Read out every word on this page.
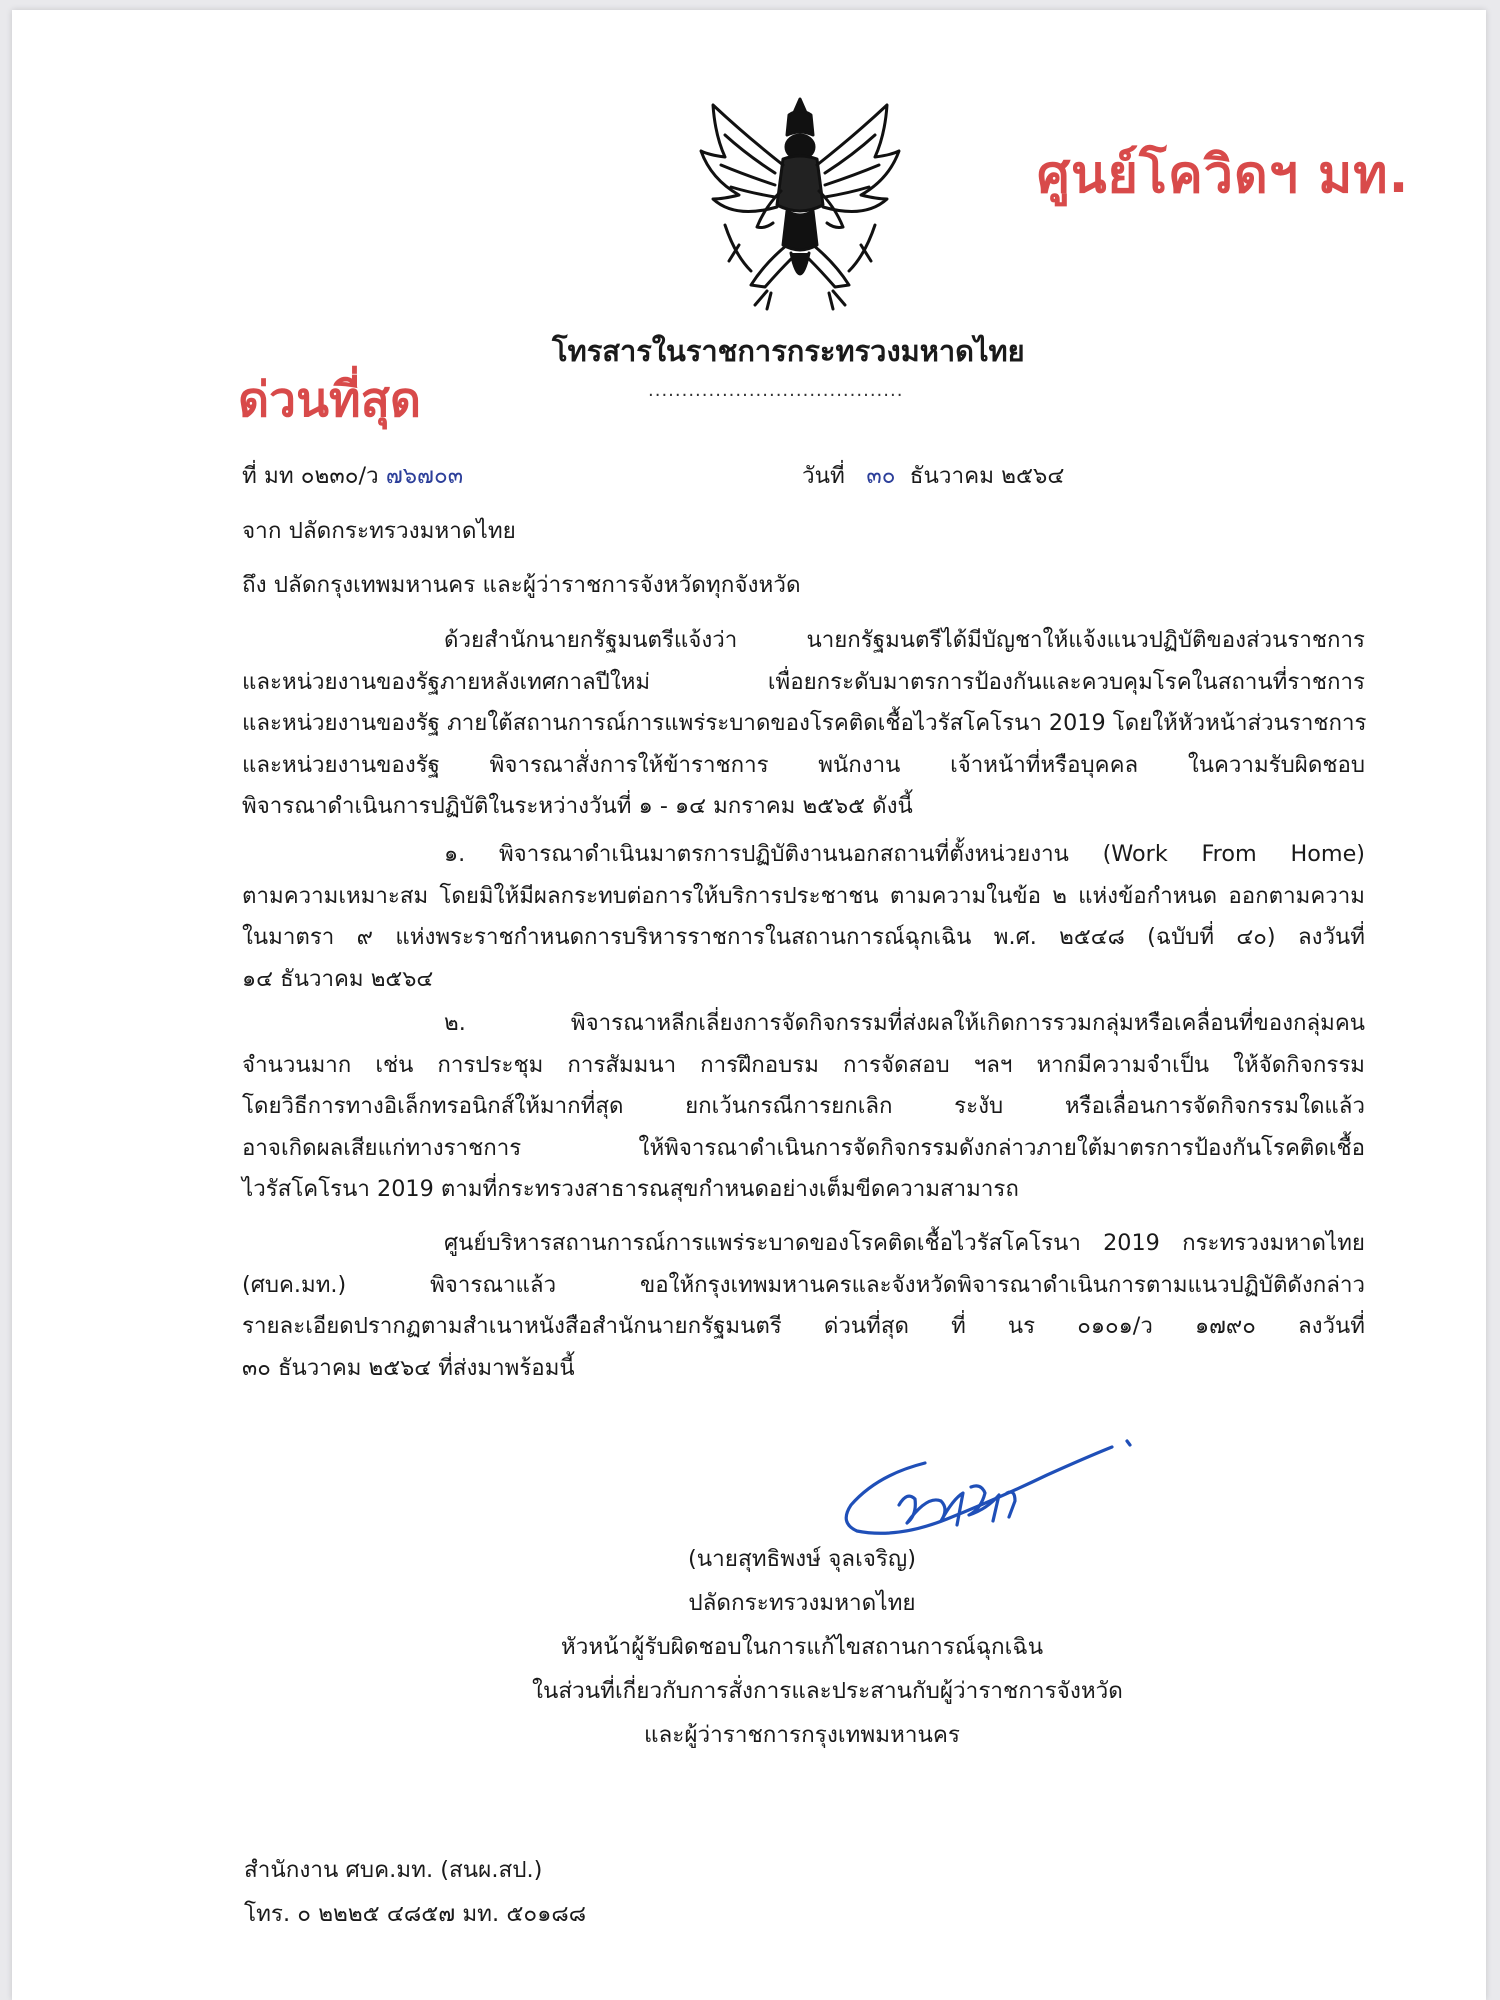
ศูนย์โควิดฯ มท.
โทรสารในราชการกระทรวงมหาดไทย
......................................
ด่วนที่สุด
ที่ มท ๐๒๓๐/ว ๗๖๗๐๓	วันที่ ๓๐ ธันวาคม ๒๕๖๔
จาก ปลัดกระทรวงมหาดไทย
ถึง ปลัดกรุงเทพมหานคร และผู้ว่าราชการจังหวัดทุกจังหวัด
ด้วยสำนักนายกรัฐมนตรีแจ้งว่า นายกรัฐมนตรีได้มีบัญชาให้แจ้งแนวปฏิบัติของส่วนราชการ
และหน่วยงานของรัฐภายหลังเทศกาลปีใหม่ เพื่อยกระดับมาตรการป้องกันและควบคุมโรคในสถานที่ราชการ
และหน่วยงานของรัฐ ภายใต้สถานการณ์การแพร่ระบาดของโรคติดเชื้อไวรัสโคโรนา 2019 โดยให้หัวหน้าส่วนราชการ
และหน่วยงานของรัฐ พิจารณาสั่งการให้ข้าราชการ พนักงาน เจ้าหน้าที่หรือบุคคล ในความรับผิดชอบ
พิจารณาดำเนินการปฏิบัติในระหว่างวันที่ ๑ - ๑๔ มกราคม ๒๕๖๕ ดังนี้
๑. พิจารณาดำเนินมาตรการปฏิบัติงานนอกสถานที่ตั้งหน่วยงาน (Work From Home)
ตามความเหมาะสม โดยมิให้มีผลกระทบต่อการให้บริการประชาชน ตามความในข้อ ๒ แห่งข้อกำหนด ออกตามความ
ในมาตรา ๙ แห่งพระราชกำหนดการบริหารราชการในสถานการณ์ฉุกเฉิน พ.ศ. ๒๕๔๘ (ฉบับที่ ๔๐) ลงวันที่
๑๔ ธันวาคม ๒๕๖๔
๒. พิจารณาหลีกเลี่ยงการจัดกิจกรรมที่ส่งผลให้เกิดการรวมกลุ่มหรือเคลื่อนที่ของกลุ่มคน
จำนวนมาก เช่น การประชุม การสัมมนา การฝึกอบรม การจัดสอบ ฯลฯ หากมีความจำเป็น ให้จัดกิจกรรม
โดยวิธีการทางอิเล็กทรอนิกส์ให้มากที่สุด ยกเว้นกรณีการยกเลิก ระงับ หรือเลื่อนการจัดกิจกรรมใดแล้ว
อาจเกิดผลเสียแก่ทางราชการ ให้พิจารณาดำเนินการจัดกิจกรรมดังกล่าวภายใต้มาตรการป้องกันโรคติดเชื้อ
ไวรัสโคโรนา 2019 ตามที่กระทรวงสาธารณสุขกำหนดอย่างเต็มขีดความสามารถ
ศูนย์บริหารสถานการณ์การแพร่ระบาดของโรคติดเชื้อไวรัสโคโรนา 2019 กระทรวงมหาดไทย
(ศบค.มท.) พิจารณาแล้ว ขอให้กรุงเทพมหานครและจังหวัดพิจารณาดำเนินการตามแนวปฏิบัติดังกล่าว
รายละเอียดปรากฏตามสำเนาหนังสือสำนักนายกรัฐมนตรี ด่วนที่สุด ที่ นร ๐๑๐๑/ว ๑๗๙๐ ลงวันที่
๓๐ ธันวาคม ๒๕๖๔ ที่ส่งมาพร้อมนี้
(นายสุทธิพงษ์ จุลเจริญ)
ปลัดกระทรวงมหาดไทย
หัวหน้าผู้รับผิดชอบในการแก้ไขสถานการณ์ฉุกเฉิน
ในส่วนที่เกี่ยวกับการสั่งการและประสานกับผู้ว่าราชการจังหวัด
และผู้ว่าราชการกรุงเทพมหานคร
สำนักงาน ศบค.มท. (สนผ.สป.)
โทร. ๐ ๒๒๒๕ ๔๘๕๗ มท. ๕๐๑๘๘
